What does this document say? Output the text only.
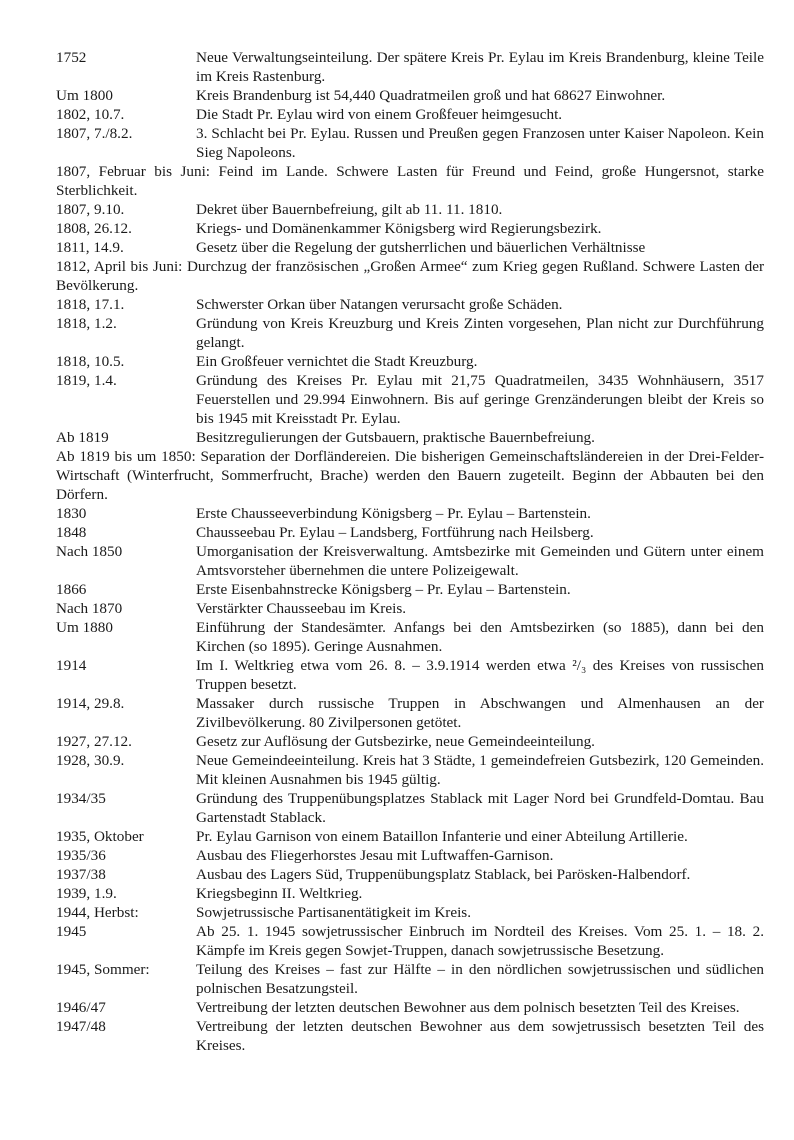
1752	Neue Verwaltungseinteilung. Der spätere Kreis Pr. Eylau im Kreis Brandenburg, kleine Teile im Kreis Rastenburg.
Um 1800	Kreis Brandenburg ist 54,440 Quadratmeilen groß und hat 68627 Einwohner.
1802, 10.7.	Die Stadt Pr. Eylau wird von einem Großfeuer heimgesucht.
1807, 7./8.2.	3. Schlacht bei Pr. Eylau. Russen und Preußen gegen Franzosen unter Kaiser Napoleon. Kein Sieg Napoleons.
1807, Februar bis Juni: Feind im Lande. Schwere Lasten für Freund und Feind, große Hungersnot, starke Sterblichkeit.
1807, 9.10.	Dekret über Bauernbefreiung, gilt ab 11. 11. 1810.
1808, 26.12.	Kriegs- und Domänenkammer Königsberg wird Regierungsbezirk.
1811, 14.9.	Gesetz über die Regelung der gutsherrlichen und bäuerlichen Verhältnisse
1812, April bis Juni: Durchzug der französischen „Großen Armee“ zum Krieg gegen Rußland. Schwere Lasten der Bevölkerung.
1818, 17.1.	Schwerster Orkan über Natangen verursacht große Schäden.
1818, 1.2.	Gründung von Kreis Kreuzburg und Kreis Zinten vorgesehen, Plan nicht zur Durchführung gelangt.
1818, 10.5.	Ein Großfeuer vernichtet die Stadt Kreuzburg.
1819, 1.4.	Gründung des Kreises Pr. Eylau mit 21,75 Quadratmeilen, 3435 Wohnhäusern, 3517 Feuerstellen und 29.994 Einwohnern. Bis auf geringe Grenzänderungen bleibt der Kreis so bis 1945 mit Kreisstadt Pr. Eylau.
Ab 1819	Besitzregulierungen der Gutsbauern, praktische Bauernbefreiung.
Ab 1819 bis um 1850: Separation der Dorfländereien. Die bisherigen Gemeinschaftsländereien in der Drei-Felder-Wirtschaft (Winterfrucht, Sommerfrucht, Brache) werden den Bauern zugeteilt. Beginn der Abbauten bei den Dörfern.
1830	Erste Chausseeverbindung Königsberg – Pr. Eylau – Bartenstein.
1848	Chausseebau Pr. Eylau – Landsberg, Fortführung nach Heilsberg.
Nach 1850	Umorganisation der Kreisverwaltung. Amtsbezirke mit Gemeinden und Gütern unter einem Amtsvorsteher übernehmen die untere Polizeigewalt.
1866	Erste Eisenbahnstrecke Königsberg – Pr. Eylau – Bartenstein.
Nach 1870	Verstärkter Chausseebau im Kreis.
Um 1880	Einführung der Standesämter. Anfangs bei den Amtsbezirken (so 1885), dann bei den Kirchen (so 1895). Geringe Ausnahmen.
1914	Im I. Weltkrieg etwa vom 26. 8. – 3.9.1914 werden etwa ²/₃ des Kreises von russischen Truppen besetzt.
1914, 29.8.	Massaker durch russische Truppen in Abschwangen und Almenhausen an der Zivilbevölkerung. 80 Zivilpersonen getötet.
1927, 27.12.	Gesetz zur Auflösung der Gutsbezirke, neue Gemeindeeinteilung.
1928, 30.9.	Neue Gemeindeeinteilung. Kreis hat 3 Städte, 1 gemeindefreien Gutsbezirk, 120 Gemeinden. Mit kleinen Ausnahmen bis 1945 gültig.
1934/35	Gründung des Truppenübungsplatzes Stablack mit Lager Nord bei Grundfeld-Domtau. Bau Gartenstadt Stablack.
1935, Oktober	Pr. Eylau Garnison von einem Bataillon Infanterie und einer Abteilung Artillerie.
1935/36	Ausbau des Fliegerhorstes Jesau mit Luftwaffen-Garnison.
1937/38	Ausbau des Lagers Süd, Truppenübungsplatz Stablack, bei Parösken-Halbendorf.
1939, 1.9.	Kriegsbeginn II. Weltkrieg.
1944, Herbst:	Sowjetrussische Partisanentätigkeit im Kreis.
1945	Ab 25. 1. 1945 sowjetrussischer Einbruch im Nordteil des Kreises. Vom 25. 1. – 18. 2. Kämpfe im Kreis gegen Sowjet-Truppen, danach sowjetrussische Besetzung.
1945, Sommer:	Teilung des Kreises – fast zur Hälfte – in den nördlichen sowjetrussischen und südlichen polnischen Besatzungsteil.
1946/47	Vertreibung der letzten deutschen Bewohner aus dem polnisch besetzten Teil des Kreises.
1947/48	Vertreibung der letzten deutschen Bewohner aus dem sowjetrussisch besetzten Teil des Kreises.
